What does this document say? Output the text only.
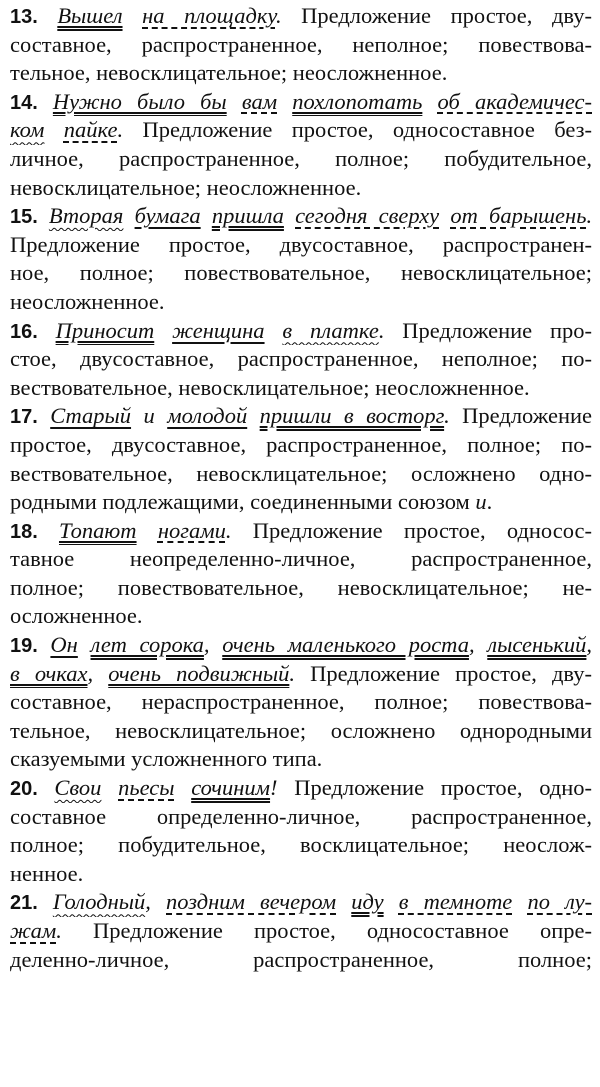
13. Вышел на площадку. Предложение простое, дву-
составное, распространенное, неполное; повествова-
тельное, невосклицательное; неосложненное.
14. Нужно было бы вам похлопотать об академичес-
ком пайке. Предложение простое, односоставное без-
личное, распространенное, полное; побудительное,
невосклицательное; неосложненное.
15. Вторая бумага пришла сегодня сверху от барышень.
Предложение простое, двусоставное, распространен-
ное, полное; повествовательное, невосклицательное;
неосложненное.
16. Приносит женщина в платке. Предложение про-
стое, двусоставное, распространенное, неполное; по-
вествовательное, невосклицательное; неосложненное.
17. Старый и молодой пришли в восторг. Предложение
простое, двусоставное, распространенное, полное; по-
вествовательное, невосклицательное; осложнено одно-
родными подлежащими, соединенными союзом и.
18. Топают ногами. Предложение простое, односос-
тавное неопределенно-личное, распространенное,
полное; повествовательное, невосклицательное; не-
осложненное.
19. Он лет сорока, очень маленького роста, лысенький,
в очках, очень подвижный. Предложение простое, дву-
составное, нераспространенное, полное; повествова-
тельное, невосклицательное; осложнено однородными
сказуемыми усложненного типа.
20. Свои пьесы сочиним! Предложение простое, одно-
составное определенно-личное, распространенное,
полное; побудительное, восклицательное; неослож-
ненное.
21. Голодный, поздним вечером иду в темноте по лу-
жам. Предложение простое, односоставное опре-
деленно-личное, распространенное, полное;
